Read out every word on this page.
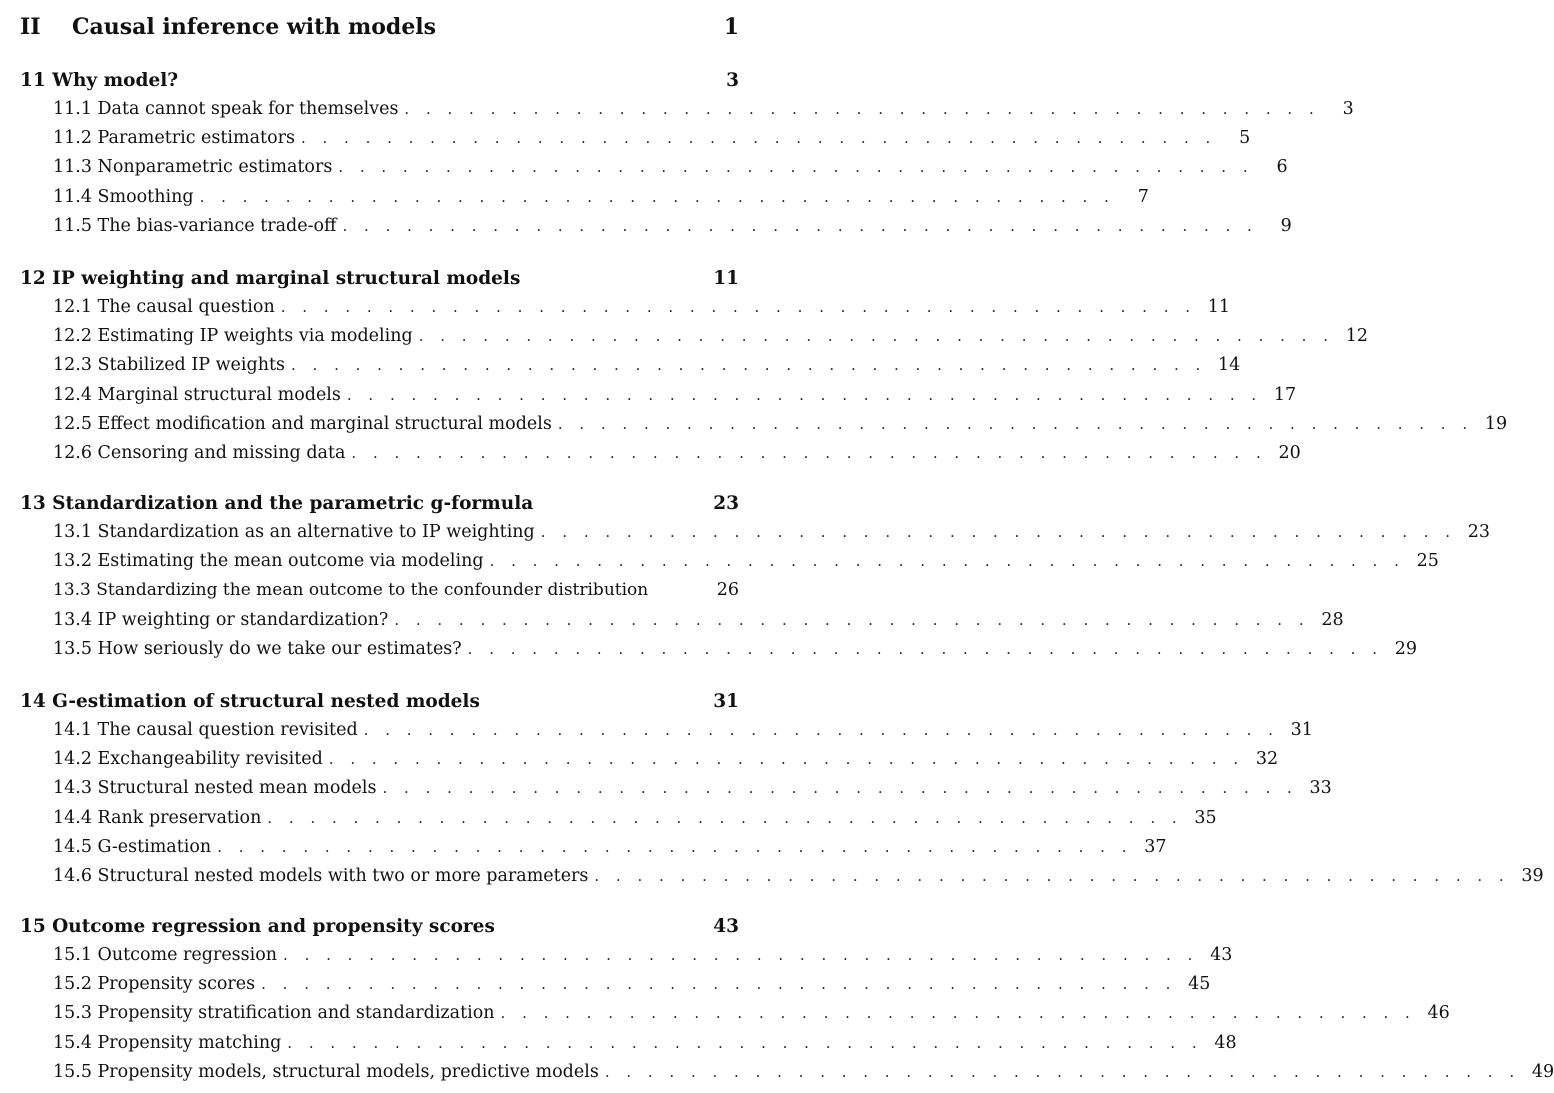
II	Causal inference with models	1
11 Why model?	3
11.1 Data cannot speak for themselves . . . . . . . . . . . . . . . . . . . . . . . . . . . . . . . . . . . . . . . . . . .	3
11.2 Parametric estimators . . . . . . . . . . . . . . . . . . . . . . . . . . . . . . . . . . . . . . . . . . .	5
11.3 Nonparametric estimators . . . . . . . . . . . . . . . . . . . . . . . . . . . . . . . . . . . . . . . . . . .	6
11.4 Smoothing . . . . . . . . . . . . . . . . . . . . . . . . . . . . . . . . . . . . . . . . . . .	7
11.5 The bias-variance trade-off . . . . . . . . . . . . . . . . . . . . . . . . . . . . . . . . . . . . . . . . . . .	9
12 IP weighting and marginal structural models	11
12.1 The causal question . . . . . . . . . . . . . . . . . . . . . . . . . . . . . . . . . . . . . . . . . . . 11
12.2 Estimating IP weights via modeling . . . . . . . . . . . . . . . . . . . . . . . . . . . . . . . . . . . . . . . . . . . 12
12.3 Stabilized IP weights . . . . . . . . . . . . . . . . . . . . . . . . . . . . . . . . . . . . . . . . . . . 14
12.4 Marginal structural models . . . . . . . . . . . . . . . . . . . . . . . . . . . . . . . . . . . . . . . . . . . 17
12.5 Effect modification and marginal structural models . . . . . . . . . . . . . . . . . . . . . . . . . . . . . . . . . . . . . . . . . . . 19
12.6 Censoring and missing data . . . . . . . . . . . . . . . . . . . . . . . . . . . . . . . . . . . . . . . . . . . 20
13 Standardization and the parametric g-formula	23
13.1 Standardization as an alternative to IP weighting . . . . . . . . . . . . . . . . . . . . . . . . . . . . . . . . . . . . . . . . . . . 23
13.2 Estimating the mean outcome via modeling . . . . . . . . . . . . . . . . . . . . . . . . . . . . . . . . . . . . . . . . . . . 25
13.3 Standardizing the mean outcome to the confounder distribution	26
13.4 IP weighting or standardization? . . . . . . . . . . . . . . . . . . . . . . . . . . . . . . . . . . . . . . . . . . . 28
13.5 How seriously do we take our estimates? . . . . . . . . . . . . . . . . . . . . . . . . . . . . . . . . . . . . . . . . . . . 29
14 G-estimation of structural nested models	31
14.1 The causal question revisited . . . . . . . . . . . . . . . . . . . . . . . . . . . . . . . . . . . . . . . . . . . 31
14.2 Exchangeability revisited . . . . . . . . . . . . . . . . . . . . . . . . . . . . . . . . . . . . . . . . . . . 32
14.3 Structural nested mean models . . . . . . . . . . . . . . . . . . . . . . . . . . . . . . . . . . . . . . . . . . . 33
14.4 Rank preservation . . . . . . . . . . . . . . . . . . . . . . . . . . . . . . . . . . . . . . . . . . . 35
14.5 G-estimation . . . . . . . . . . . . . . . . . . . . . . . . . . . . . . . . . . . . . . . . . . . 37
14.6 Structural nested models with two or more parameters . . . . . . . . . . . . . . . . . . . . . . . . . . . . . . . . . . . . . . . . . . . 39
15 Outcome regression and propensity scores	43
15.1 Outcome regression . . . . . . . . . . . . . . . . . . . . . . . . . . . . . . . . . . . . . . . . . . . 43
15.2 Propensity scores . . . . . . . . . . . . . . . . . . . . . . . . . . . . . . . . . . . . . . . . . . . 45
15.3 Propensity stratification and standardization . . . . . . . . . . . . . . . . . . . . . . . . . . . . . . . . . . . . . . . . . . . 46
15.4 Propensity matching . . . . . . . . . . . . . . . . . . . . . . . . . . . . . . . . . . . . . . . . . . . 48
15.5 Propensity models, structural models, predictive models . . . . . . . . . . . . . . . . . . . . . . . . . . . . . . . . . . . . . . . . . . . 49
